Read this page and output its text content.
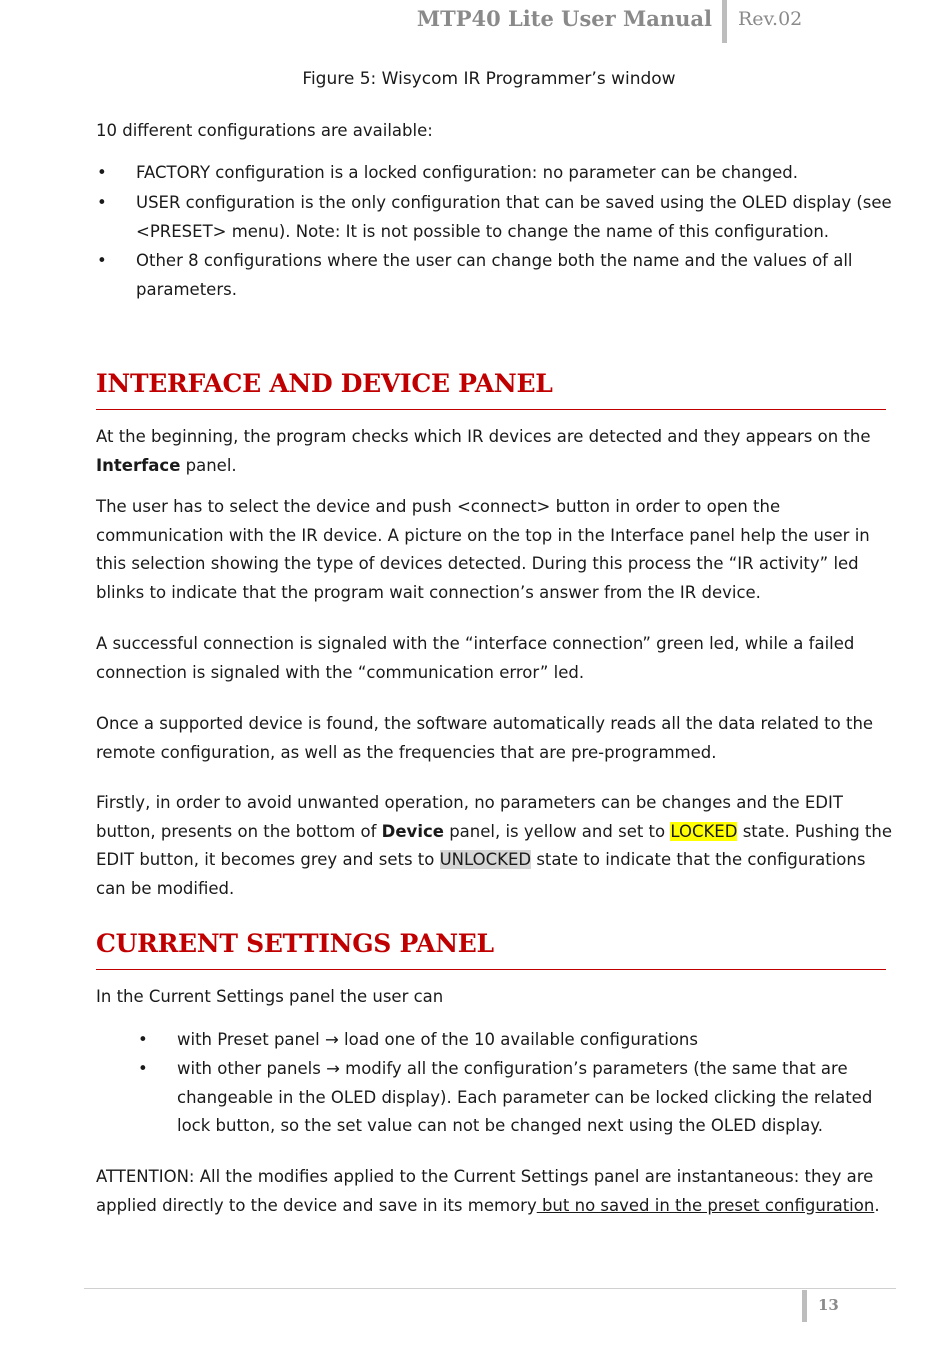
MTP40 Lite User Manual Rev.02
Figure 5: Wisycom IR Programmer’s window

10 different configurations are available:

• FACTORY configuration is a locked configuration: no parameter can be changed.

• USER configuration is the only configuration that can be saved using the OLED display (see <PRESET> menu). Note: It is not possible to change the name of this configuration.

• Other 8 configurations where the user can change both the name and the values of all parameters.

INTERFACE AND DEVICE PANEL

At the beginning, the program checks which IR devices are detected and they appears on the Interface panel.

The user has to select the device and push <connect> button in order to open the communication with the IR device. A picture on the top in the Interface panel help the user in this selection showing the type of devices detected. During this process the “IR activity” led blinks to indicate that the program wait connection’s answer from the IR device.

A successful connection is signaled with the “interface connection” green led, while a failed connection is signaled with the “communication error” led.

Once a supported device is found, the software automatically reads all the data related to the remote configuration, as well as the frequencies that are pre-programmed.

Firstly, in order to avoid unwanted operation, no parameters can be changes and the EDIT button, presents on the bottom of Device panel, is yellow and set to LOCKED state. Pushing the EDIT button, it becomes grey and sets to UNLOCKED state to indicate that the configurations can be modified.

CURRENT SETTINGS PANEL

In the Current Settings panel the user can

• with Preset panel → load one of the 10 available configurations

• with other panels → modify all the configuration’s parameters (the same that are changeable in the OLED display). Each parameter can be locked clicking the related lock button, so the set value can not be changed next using the OLED display.

ATTENTION: All the modifies applied to the Current Settings panel are instantaneous: they are applied directly to the device and save in its memory but no saved in the preset configuration.

13
